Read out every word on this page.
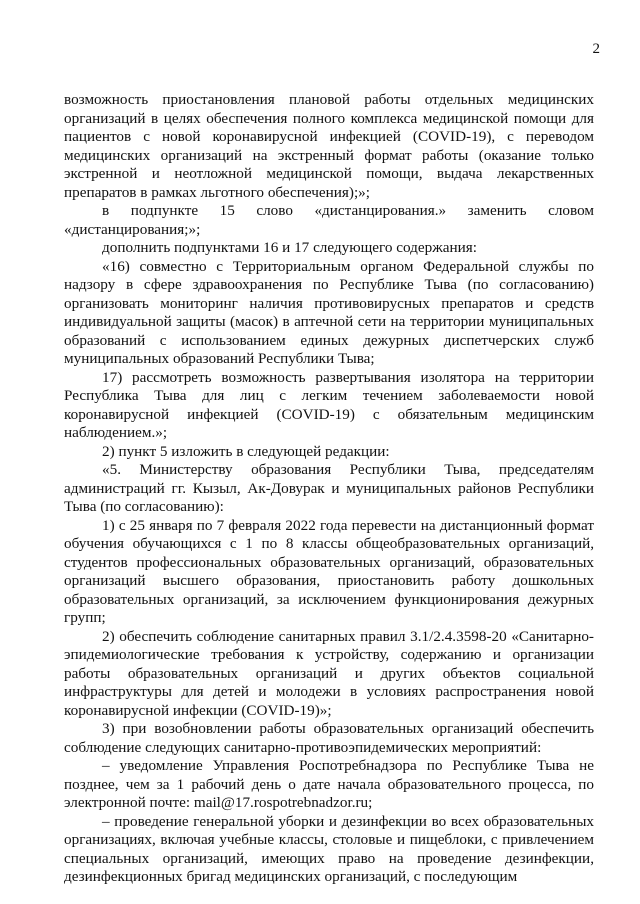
2

возможность приостановления плановой работы отдельных медицинских организаций в целях обеспечения полного комплекса медицинской помощи для пациентов с новой коронавирусной инфекцией (COVID-19), с переводом медицинских организаций на экстренный формат работы (оказание только экстренной и неотложной медицинской помощи, выдача лекарственных препаратов в рамках льготного обеспечения);»;

в подпункте 15 слово «дистанцирования.» заменить словом «дистанцирования;»;

дополнить подпунктами 16 и 17 следующего содержания:

«16) совместно с Территориальным органом Федеральной службы по надзору в сфере здравоохранения по Республике Тыва (по согласованию) организовать мониторинг наличия противовирусных препаратов и средств индивидуальной защиты (масок) в аптечной сети на территории муниципальных образований с использованием единых дежурных диспетчерских служб муниципальных образований Республики Тыва;

17) рассмотреть возможность развертывания изолятора на территории Республика Тыва для лиц с легким течением заболеваемости новой коронавирусной инфекцией (COVID-19) с обязательным медицинским наблюдением.»;

2) пункт 5 изложить в следующей редакции:

«5. Министерству образования Республики Тыва, председателям администраций гг. Кызыл, Ак-Довурак и муниципальных районов Республики Тыва (по согласованию):

1) с 25 января по 7 февраля 2022 года перевести на дистанционный формат обучения обучающихся с 1 по 8 классы общеобразовательных организаций, студентов профессиональных образовательных организаций, образовательных организаций высшего образования, приостановить работу дошкольных образовательных организаций, за исключением функционирования дежурных групп;

2) обеспечить соблюдение санитарных правил 3.1/2.4.3598-20 «Санитарно-эпидемиологические требования к устройству, содержанию и организации работы образовательных организаций и других объектов социальной инфраструктуры для детей и молодежи в условиях распространения новой коронавирусной инфекции (COVID-19)»;

3) при возобновлении работы образовательных организаций обеспечить соблюдение следующих санитарно-противоэпидемических мероприятий:

– уведомление Управления Роспотребнадзора по Республике Тыва не позднее, чем за 1 рабочий день о дате начала образовательного процесса, по электронной почте: mail@17.rospotrebnadzor.ru;

– проведение генеральной уборки и дезинфекции во всех образовательных организациях, включая учебные классы, столовые и пищеблоки, с привлечением специальных организаций, имеющих право на проведение дезинфекции, дезинфекционных бригад медицинских организаций, с последующим
